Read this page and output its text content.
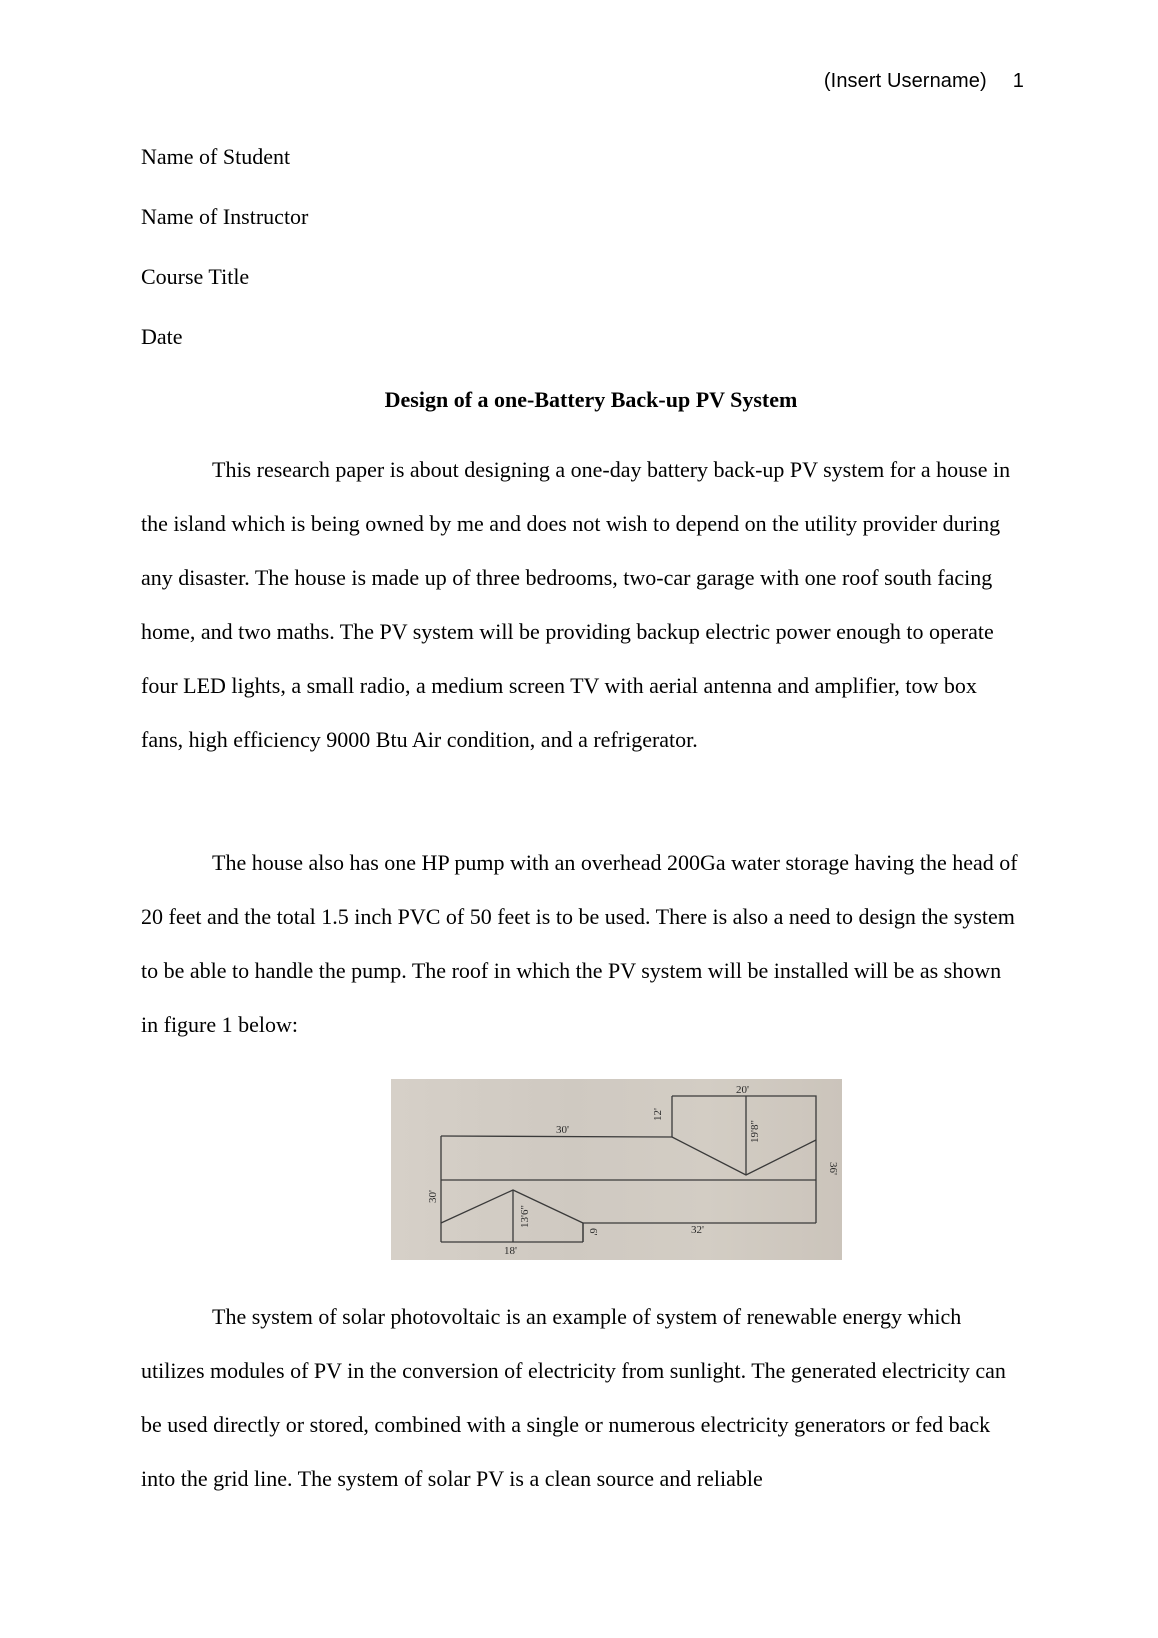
(Insert Username) 1
Name of Student
Name of Instructor
Course Title
Date
Design of a one-Battery Back-up PV System

This research paper is about designing a one-day battery back-up PV system for a house in the island which is being owned by me and does not wish to depend on the utility provider during any disaster. The house is made up of three bedrooms, two-car garage with one roof south facing home, and two maths. The PV system will be providing backup electric power enough to operate four LED lights, a small radio, a medium screen TV with aerial antenna and amplifier, tow box fans, high efficiency 9000 Btu Air condition, and a refrigerator.

The house also has one HP pump with an overhead 200Ga water storage having the head of 20 feet and the total 1.5 inch PVC of 50 feet is to be used. There is also a need to design the system to be able to handle the pump. The roof in which the PV system will be installed will be as shown in figure 1 below:

20'
30'
12'
19'8"
36'
30'
13'6"
6'	32'
18'

The system of solar photovoltaic is an example of system of renewable energy which utilizes modules of PV in the conversion of electricity from sunlight. The generated electricity can be used directly or stored, combined with a single or numerous electricity generators or fed back into the grid line. The system of solar PV is a clean source and reliable
